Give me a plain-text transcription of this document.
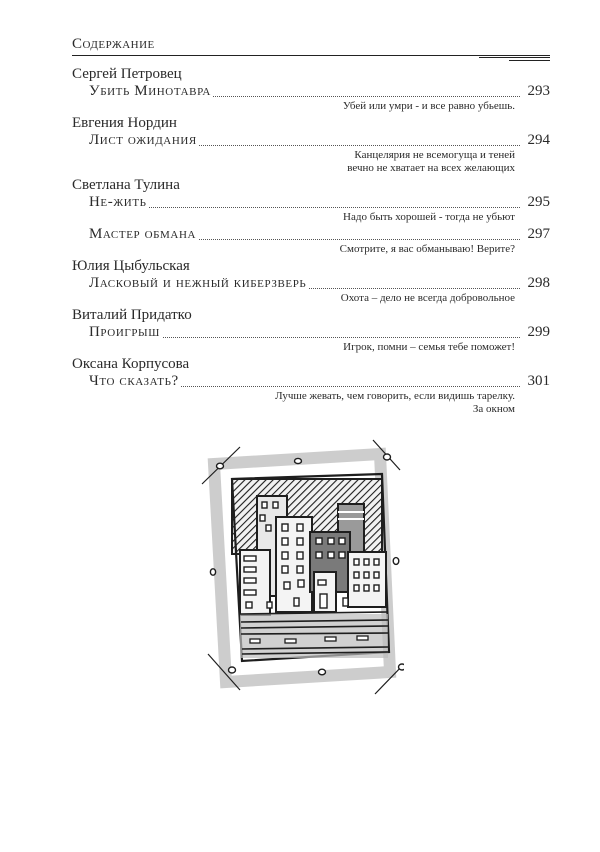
Содержание
Сергей Петровец
Убить Минотавра	293
Убей или умри - и все равно убьешь.
Евгения Нордин
Лист ожидания	294
Канцелярия не всемогуща и теней
вечно не хватает на всех желающих
Светлана Тулина
Не-жить	295
Надо быть хорошей - тогда не убьют
Мастер обмана	297
Смотрите, я вас обманываю! Верите?
Юлия Цыбульская
Ласковый и нежный киберзверь	298
Охота – дело не всегда добровольное
Виталий Придатко
Проигрыш	299
Игрок, помни – семья тебе поможет!
Оксана Корпусова
Что сказать?	301
Лучше жевать, чем говорить, если видишь тарелку.
За окном
